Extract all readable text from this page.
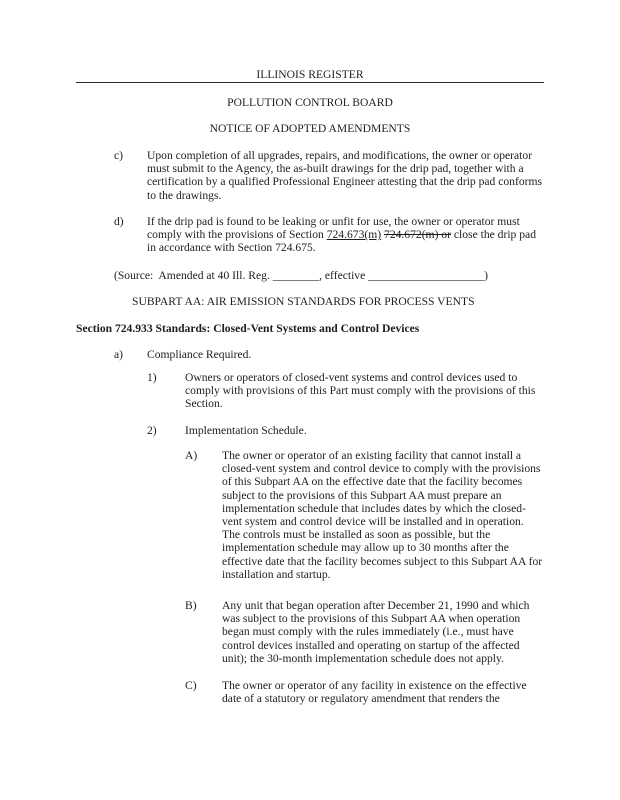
ILLINOIS REGISTER
POLLUTION CONTROL BOARD
NOTICE OF ADOPTED AMENDMENTS
c) Upon completion of all upgrades, repairs, and modifications, the owner or operator must submit to the Agency, the as-built drawings for the drip pad, together with a certification by a qualified Professional Engineer attesting that the drip pad conforms to the drawings.
d) If the drip pad is found to be leaking or unfit for use, the owner or operator must comply with the provisions of Section 724.673(m) 724.672(m) or close the drip pad in accordance with Section 724.675.
(Source:  Amended at 40 Ill. Reg. ________, effective ____________________)
SUBPART AA: AIR EMISSION STANDARDS FOR PROCESS VENTS
Section 724.933 Standards: Closed-Vent Systems and Control Devices
a) Compliance Required.
1) Owners or operators of closed-vent systems and control devices used to comply with provisions of this Part must comply with the provisions of this Section.
2) Implementation Schedule.
A) The owner or operator of an existing facility that cannot install a closed-vent system and control device to comply with the provisions of this Subpart AA on the effective date that the facility becomes subject to the provisions of this Subpart AA must prepare an implementation schedule that includes dates by which the closed-vent system and control device will be installed and in operation. The controls must be installed as soon as possible, but the implementation schedule may allow up to 30 months after the effective date that the facility becomes subject to this Subpart AA for installation and startup.
B) Any unit that began operation after December 21, 1990 and which was subject to the provisions of this Subpart AA when operation began must comply with the rules immediately (i.e., must have control devices installed and operating on startup of the affected unit); the 30-month implementation schedule does not apply.
C) The owner or operator of any facility in existence on the effective date of a statutory or regulatory amendment that renders the
